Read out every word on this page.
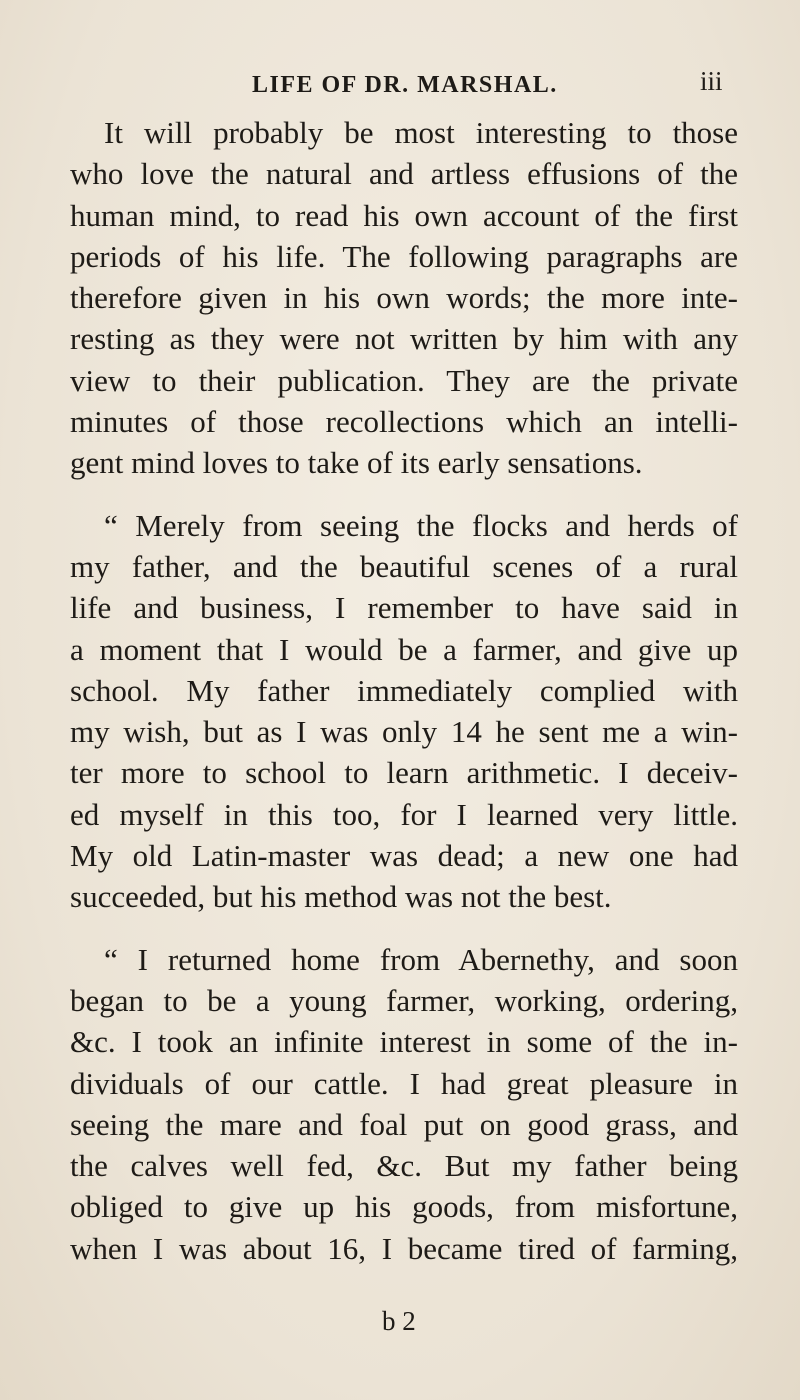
LIFE OF DR. MARSHAL.	iii

It will probably be most interesting to those
who love the natural and artless effusions of the
human mind, to read his own account of the first
periods of his life. The following paragraphs are
therefore given in his own words; the more inte-
resting as they were not written by him with any
view to their publication. They are the private
minutes of those recollections which an intelli-
gent mind loves to take of its early sensations.

“ Merely from seeing the flocks and herds of
my father, and the beautiful scenes of a rural
life and business, I remember to have said in
a moment that I would be a farmer, and give up
school. My father immediately complied with
my wish, but as I was only 14 he sent me a win-
ter more to school to learn arithmetic. I deceiv-
ed myself in this too, for I learned very little.
My old Latin-master was dead; a new one had
succeeded, but his method was not the best.

“ I returned home from Abernethy, and soon
began to be a young farmer, working, ordering,
&c. I took an infinite interest in some of the in-
dividuals of our cattle. I had great pleasure in
seeing the mare and foal put on good grass, and
the calves well fed, &c. But my father being
obliged to give up his goods, from misfortune,
when I was about 16, I became tired of farming,

b 2
